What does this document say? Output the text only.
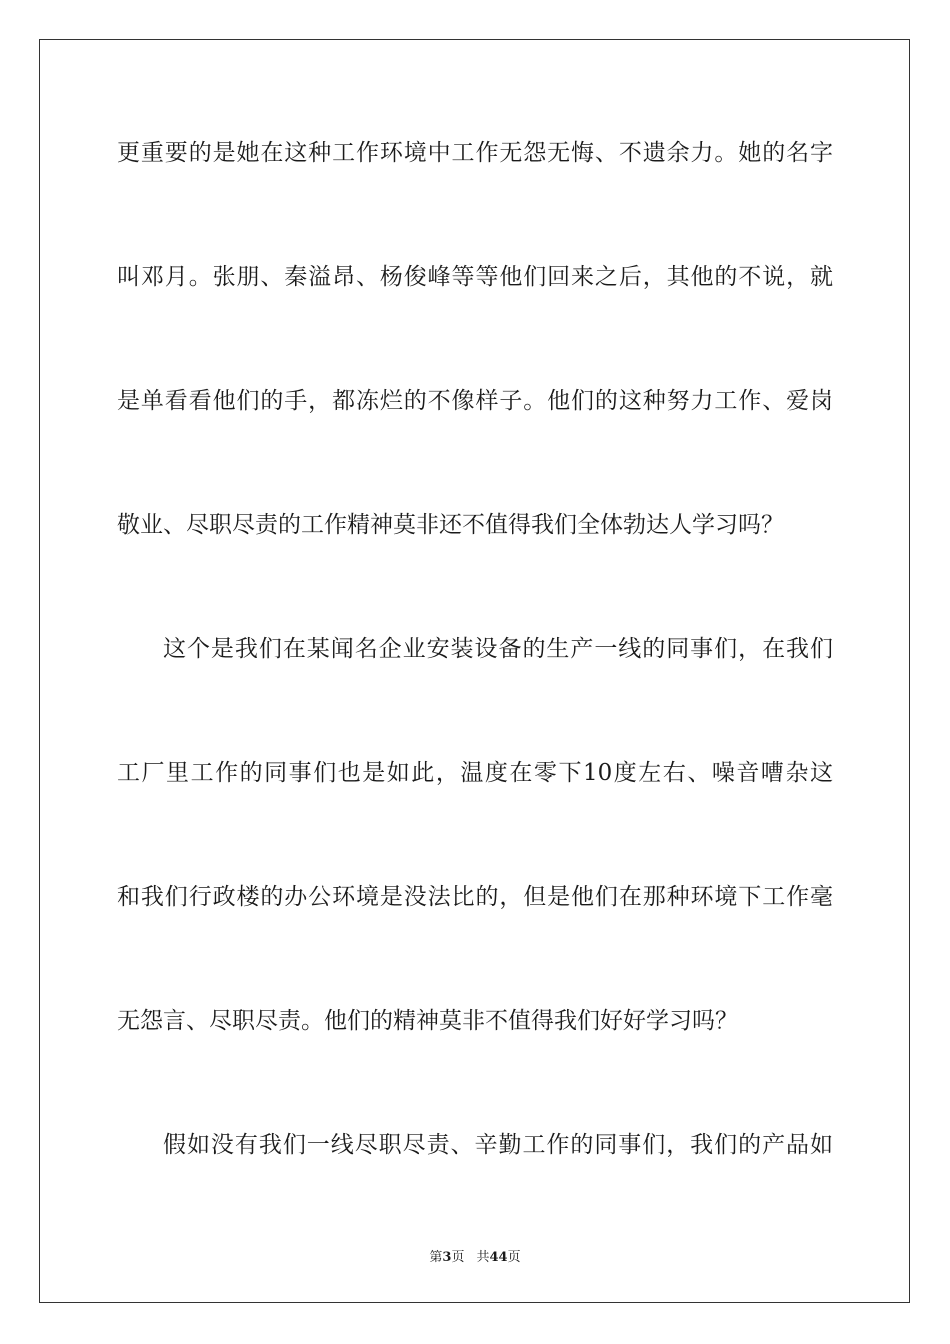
更重要的是她在这种工作环境中工作无怨无悔、不遗余力。她的名字
叫邓月。张朋、秦溢昂、杨俊峰等等他们回来之后，其他的不说，就
是单看看他们的手，都冻烂的不像样子。他们的这种努力工作、爱岗
敬业、尽职尽责的工作精神莫非还不值得我们全体勃达人学习吗？
这个是我们在某闻名企业安装设备的生产一线的同事们，在我们
工厂里工作的同事们也是如此，温度在零下10度左右、噪音嘈杂这
和我们行政楼的办公环境是没法比的，但是他们在那种环境下工作毫
无怨言、尽职尽责。他们的精神莫非不值得我们好好学习吗？
假如没有我们一线尽职尽责、辛勤工作的同事们，我们的产品如
第3页 共44页
